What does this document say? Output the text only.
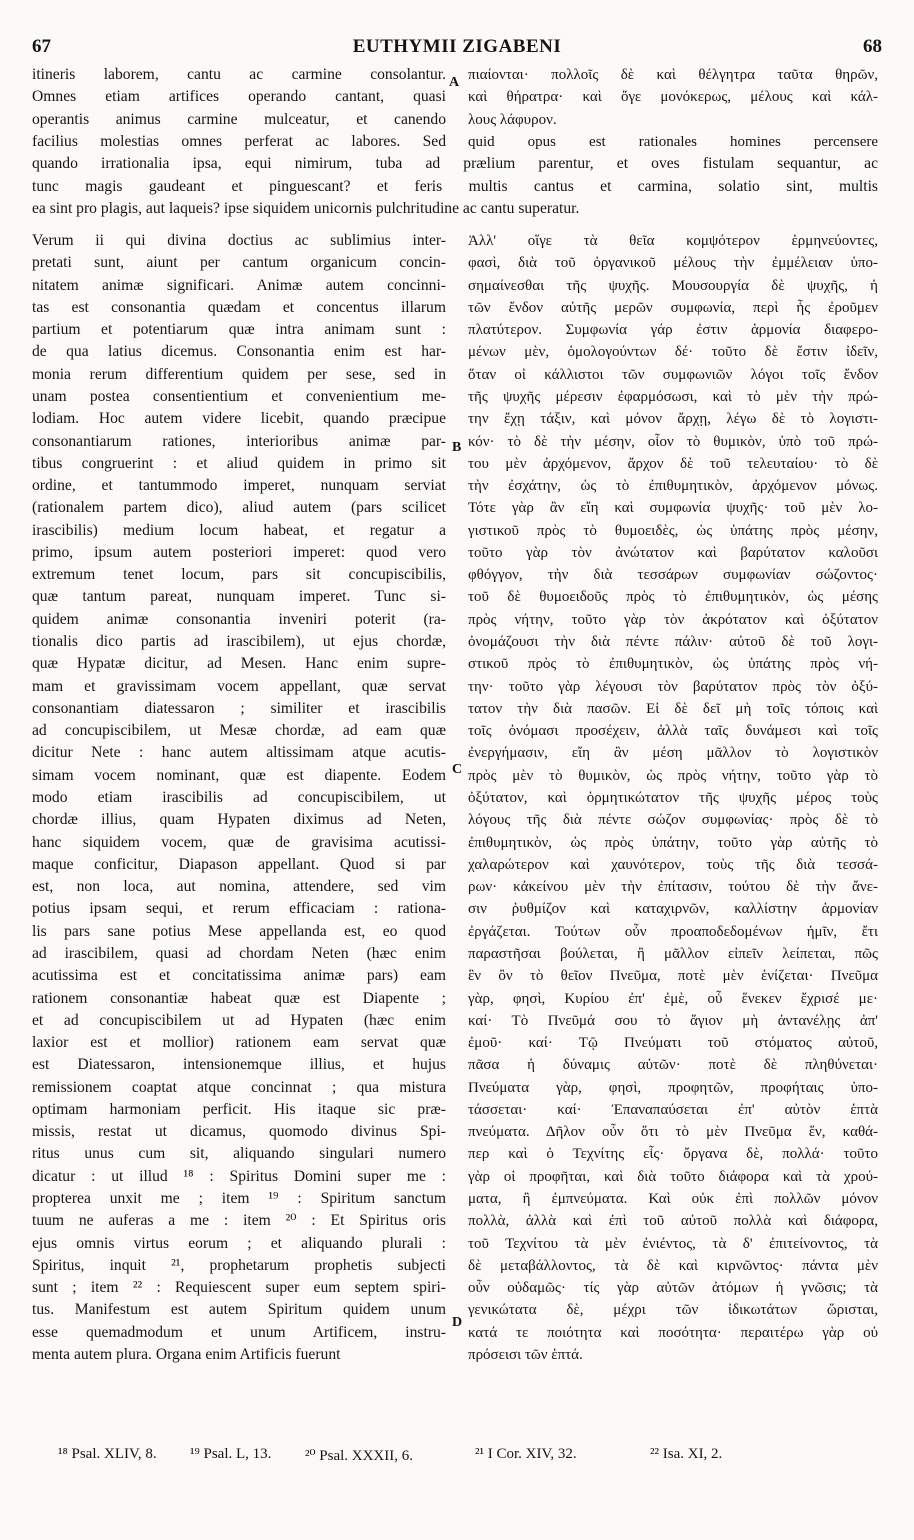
67	EUTHYMII ZIGABENI	68
itineris laborem, cantu ac carmine consolantur.
Omnes etiam artifices operando cantant, quasi
operantis animus carmine mulceatur, et canendo
facilius molestias omnes perferat ac labores. Sed
πιαίονται· πολλοῖς δὲ καὶ θέλγητρα ταῦτα θηρῶν,
καὶ θήρατρα· καὶ ὄγε μονόκερως, μέλους καὶ κάλ-
λους λάφυρον.
quid opus est rationales homines percensere
quando irrationalia ipsa, equi nimirum, tuba ad prælium parentur, et oves fistulam sequantur, ac
tunc magis gaudeant et pinguescant? et feris multis cantus et carmina, solatio sint, multis
ea sint pro plagis, aut laqueis? ipse siquidem unicornis pulchritudine ac cantu superatur.
Verum ii qui divina doctius ac sublimius inter-
pretati sunt, aiunt per cantum organicum concin-
nitatem animæ significari. Animæ autem concinni-
tas est consonantia quædam et concentus illarum
partium et potentiarum quæ intra animam sunt :
de qua latius dicemus. Consonantia enim est har-
monia rerum differentium quidem per sese, sed in
unam postea consentientium et convenientium me-
lodiam. Hoc autem videre licebit, quando præcipue
consonantiarum rationes, interioribus animæ par-
tibus congruerint : et aliud quidem in primo sit
ordine, et tantummodo imperet, nunquam serviat
(rationalem partem dico), aliud autem (pars scilicet
irascibilis) medium locum habeat, et regatur a
primo, ipsum autem posteriori imperet: quod vero
extremum tenet locum, pars sit concupiscibilis,
quæ tantum pareat, nunquam imperet. Tunc si-
quidem animæ consonantia inveniri poterit (ra-
tionalis dico partis ad irascibilem), ut ejus chordæ,
quæ Hypatæ dicitur, ad Mesen. Hanc enim supre-
mam et gravissimam vocem appellant, quæ servat
consonantiam diatessaron ; similiter et irascibilis
ad concupiscibilem, ut Mesæ chordæ, ad eam quæ
dicitur Nete : hanc autem altissimam atque acutis-
simam vocem nominant, quæ est diapente. Eodem
modo etiam irascibilis ad concupiscibilem, ut
chordæ illius, quam Hypaten diximus ad Neten,
hanc siquidem vocem, quæ de gravisima acutissi-
maque conficitur, Diapason appellant. Quod si par
est, non loca, aut nomina, attendere, sed vim
potius ipsam sequi, et rerum efficaciam : rationa-
lis pars sane potius Mese appellanda est, eo quod
ad irascibilem, quasi ad chordam Neten (hæc enim
acutissima est et concitatissima animæ pars) eam
rationem consonantiæ habeat quæ est Diapente ;
et ad concupiscibilem ut ad Hypaten (hæc enim
laxior est et mollior) rationem eam servat quæ
est Diatessaron, intensionemque illius, et hujus
remissionem coaptat atque concinnat ; qua mistura
optimam harmoniam perficit. His itaque sic præ-
missis, restat ut dicamus, quomodo divinus Spi-
ritus unus cum sit, aliquando singulari numero
dicatur : ut illud ¹⁸ : Spiritus Domini super me :
propterea unxit me ; item ¹⁹ : Spiritum sanctum
tuum ne auferas a me : item ²⁰ : Et Spiritus oris
ejus omnis virtus eorum ; et aliquando plurali :
Spiritus, inquit ²¹, prophetarum prophetis subjecti
sunt ; item ²² : Requiescent super eum septem spiri-
tus. Manifestum est autem Spiritum quidem unum
esse quemadmodum et unum Artificem, instru-
menta autem plura. Organa enim Artificis fuerunt
Ἀλλ' οἵγε τὰ θεῖα κομψότερον ἑρμηνεύοντες,
φασὶ, διὰ τοῦ ὀργανικοῦ μέλους τὴν ἐμμέλειαν ὑπο-
σημαίνεσθαι τῆς ψυχῆς. Μουσουργία δὲ ψυχῆς, ἡ
τῶν ἔνδον αὐτῆς μερῶν συμφωνία, περὶ ἧς ἐροῦμεν
πλατύτερον. Συμφωνία γάρ ἐστιν ἁρμονία διαφερο-
μένων μὲν, ὁμολογούντων δέ· τοῦτο δὲ ἔστιν ἰδεῖν,
ὅταν οἱ κάλλιστοι τῶν συμφωνιῶν λόγοι τοῖς ἔνδον
τῆς ψυχῆς μέρεσιν ἐφαρμόσωσι, καὶ τὸ μὲν τὴν πρώ-
την ἔχῃ τάξιν, καὶ μόνον ἄρχῃ, λέγω δὲ τὸ λογιστι-
κόν· τὸ δὲ τὴν μέσην, οἷον τὸ θυμικὸν, ὑπὸ τοῦ πρώ-
του μὲν ἀρχόμενον, ἄρχον δὲ τοῦ τελευταίου· τὸ δὲ
τὴν ἐσχάτην, ὡς τὸ ἐπιθυμητικὸν, ἀρχόμενον μόνως.
Τότε γὰρ ἂν εἴη καὶ συμφωνία ψυχῆς· τοῦ μὲν λο-
γιστικοῦ πρὸς τὸ θυμοειδὲς, ὡς ὑπάτης πρὸς μέσην,
τοῦτο γὰρ τὸν ἀνώτατον καὶ βαρύτατον καλοῦσι
φθόγγον, τὴν διὰ τεσσάρων συμφωνίαν σώζοντος·
τοῦ δὲ θυμοειδοῦς πρὸς τὸ ἐπιθυμητικὸν, ὡς μέσης
πρὸς νήτην, τοῦτο γὰρ τὸν ἀκρότατον καὶ ὀξύτατον
ὀνομάζουσι τὴν διὰ πέντε πάλιν· αὐτοῦ δὲ τοῦ λογι-
στικοῦ πρὸς τὸ ἐπιθυμητικὸν, ὡς ὑπάτης πρὸς νή-
την· τοῦτο γὰρ λέγουσι τὸν βαρύτατον πρὸς τὸν ὀξύ-
τατον τὴν διὰ πασῶν. Εἰ δὲ δεῖ μὴ τοῖς τόποις καὶ
τοῖς ὀνόμασι προσέχειν, ἀλλὰ ταῖς δυνάμεσι καὶ τοῖς
ἐνεργήμασιν, εἴη ἂν μέση μᾶλλον τὸ λογιστικὸν
πρὸς μὲν τὸ θυμικὸν, ὡς πρὸς νήτην, τοῦτο γὰρ τὸ
ὀξύτατον, καὶ ὁρμητικώτατον τῆς ψυχῆς μέρος τοὺς
λόγους τῆς διὰ πέντε σώζον συμφωνίας· πρὸς δὲ τὸ
ἐπιθυμητικὸν, ὡς πρὸς ὑπάτην, τοῦτο γὰρ αὐτῆς τὸ
χαλαρώτερον καὶ χαυνότερον, τοὺς τῆς διὰ τεσσά-
ρων· κἀκείνου μὲν τὴν ἐπίτασιν, τούτου δὲ τὴν ἄνε-
σιν ῥυθμίζον καὶ καταχιρνῶν, καλλίστην ἁρμονίαν
ἐργάζεται. Τούτων οὖν προαποδεδομένων ἡμῖν, ἔτι
παραστῆσαι βούλεται, ἢ μᾶλλον εἰπεῖν λείπεται, πῶς
ἓν ὂν τὸ θεῖον Πνεῦμα, ποτὲ μὲν ἑνίζεται· Πνεῦμα
γὰρ, φησὶ, Κυρίου ἐπ' ἐμὲ, οὗ ἕνεκεν ἔχρισέ με·
καί· Τὸ Πνεῦμά σου τὸ ἅγιον μὴ ἀντανέλῃς ἀπ'
ἐμοῦ· καί· Τῷ Πνεύματι τοῦ στόματος αὐτοῦ,
πᾶσα ἡ δύναμις αὐτῶν· ποτὲ δὲ πληθύνεται·
Πνεύματα γὰρ, φησὶ, προφητῶν, προφήταις ὑπο-
τάσσεται· καί· Ἐπαναπαύσεται ἐπ' αὐτὸν ἑπτὰ
πνεύματα. Δῆλον οὖν ὅτι τὸ μὲν Πνεῦμα ἕν, καθά-
περ καὶ ὁ Τεχνίτης εἷς· ὄργανα δὲ, πολλά· τοῦτο
γὰρ οἱ προφῆται, καὶ διὰ τοῦτο διάφορα καὶ τὰ χρού-
ματα, ἢ ἐμπνεύματα. Καὶ οὐκ ἐπὶ πολλῶν μόνον
πολλὰ, ἀλλὰ καὶ ἐπὶ τοῦ αὐτοῦ πολλὰ καὶ διάφορα,
τοῦ Τεχνίτου τὰ μὲν ἐνιέντος, τὰ δ' ἐπιτείνοντος, τὰ
δὲ μεταβάλλοντος, τὰ δὲ καὶ κιρνῶντος· πάντα μὲν
οὖν οὐδαμῶς· τίς γὰρ αὐτῶν ἀτόμων ἡ γνῶσις; τὰ
γενικώτατα δὲ, μέχρι τῶν ἰδικωτάτων ὥρισται,
κατά τε ποιότητα καὶ ποσότητα· περαιτέρω γὰρ οὐ
πρόσεισι τῶν ἑπτά.
A
B
C
D
¹⁸ Psal. XLIV, 8. ¹⁹ Psal. L, 13. ²⁰ Psal. XXXII, 6.	²¹ I Cor. XIV, 32.	²² Isa. XI, 2.
